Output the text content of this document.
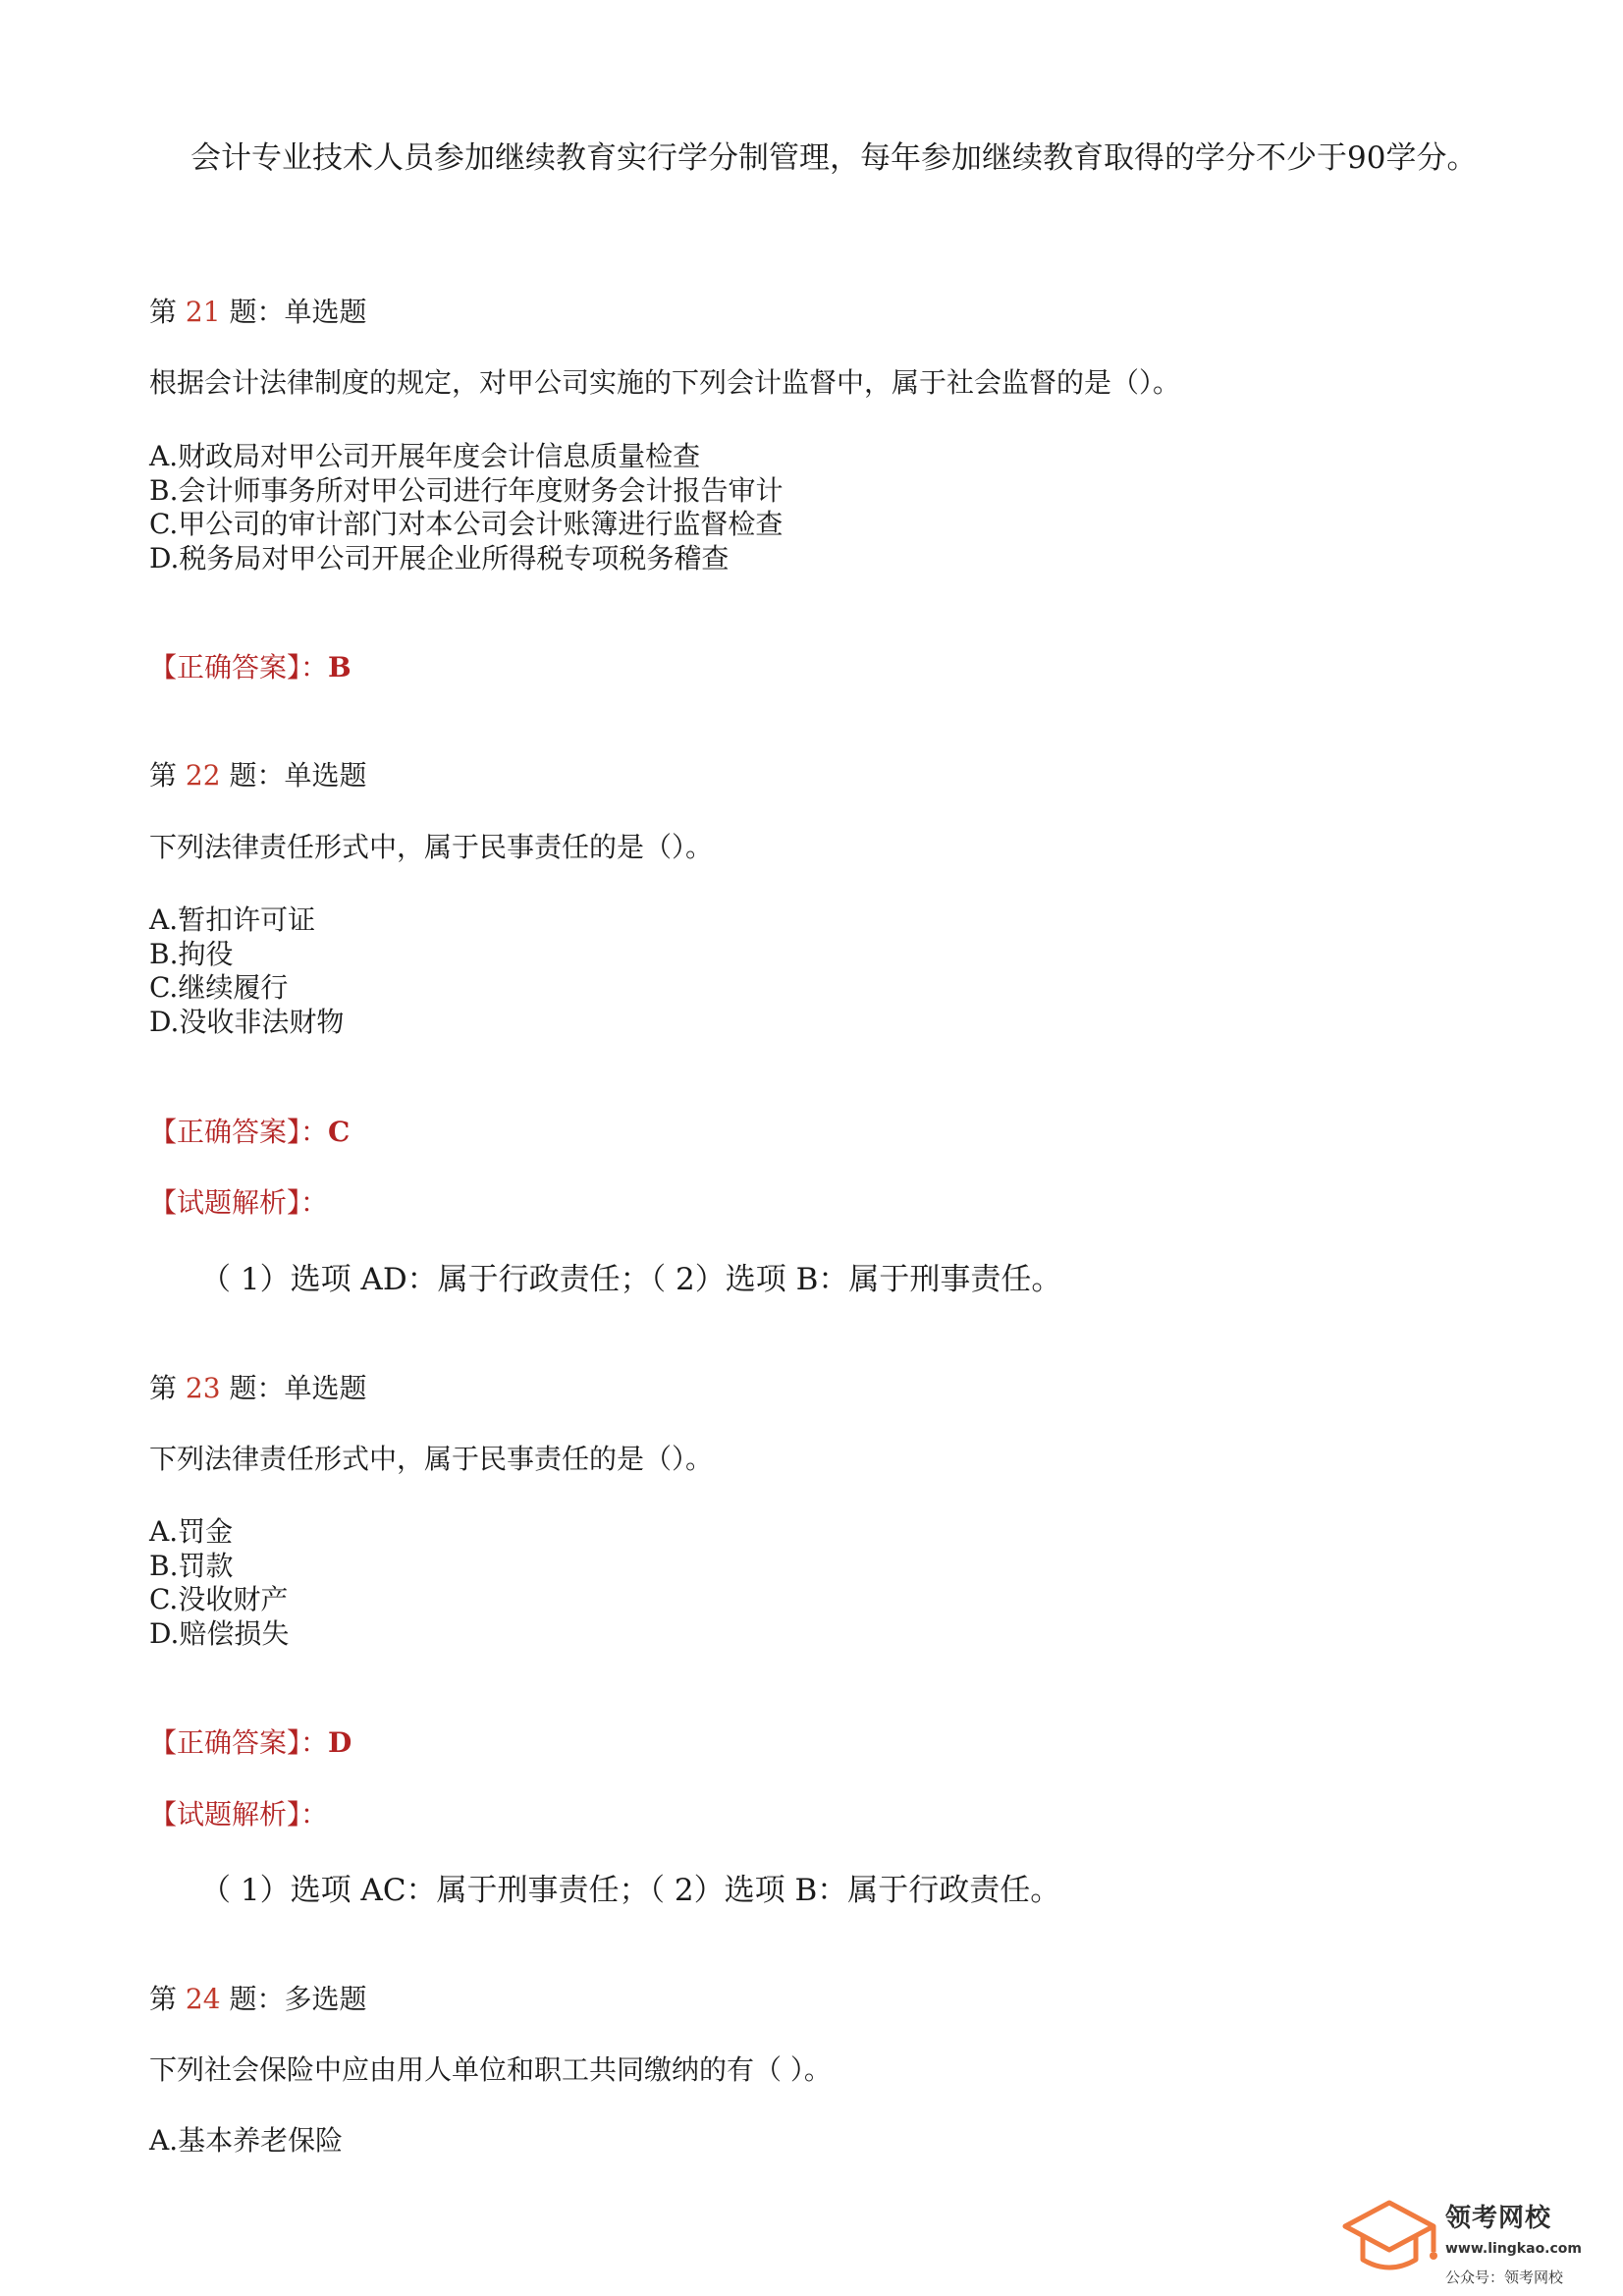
会计专业技术人员参加继续教育实行学分制管理，每年参加继续教育取得的学分不少于90学分。
第 21 题：单选题
根据会计法律制度的规定，对甲公司实施的下列会计监督中，属于社会监督的是（）。
A.财政局对甲公司开展年度会计信息质量检查
B.会计师事务所对甲公司进行年度财务会计报告审计
C.甲公司的审计部门对本公司会计账簿进行监督检查
D.税务局对甲公司开展企业所得税专项税务稽查
【正确答案】：B
第 22 题：单选题
下列法律责任形式中，属于民事责任的是（）。
A.暂扣许可证
B.拘役
C.继续履行
D.没收非法财物
【正确答案】：C
【试题解析】：
（ 1）选项 AD：属于行政责任；（ 2）选项 B：属于刑事责任。
第 23 题：单选题
下列法律责任形式中，属于民事责任的是（）。
A.罚金
B.罚款
C.没收财产
D.赔偿损失
【正确答案】：D
【试题解析】：
（ 1）选项 AC：属于刑事责任；（ 2）选项 B：属于行政责任。
第 24 题：多选题
下列社会保险中应由用人单位和职工共同缴纳的有（ ）。
A.基本养老保险
领考网校
www.lingkao.com
公众号：领考网校
